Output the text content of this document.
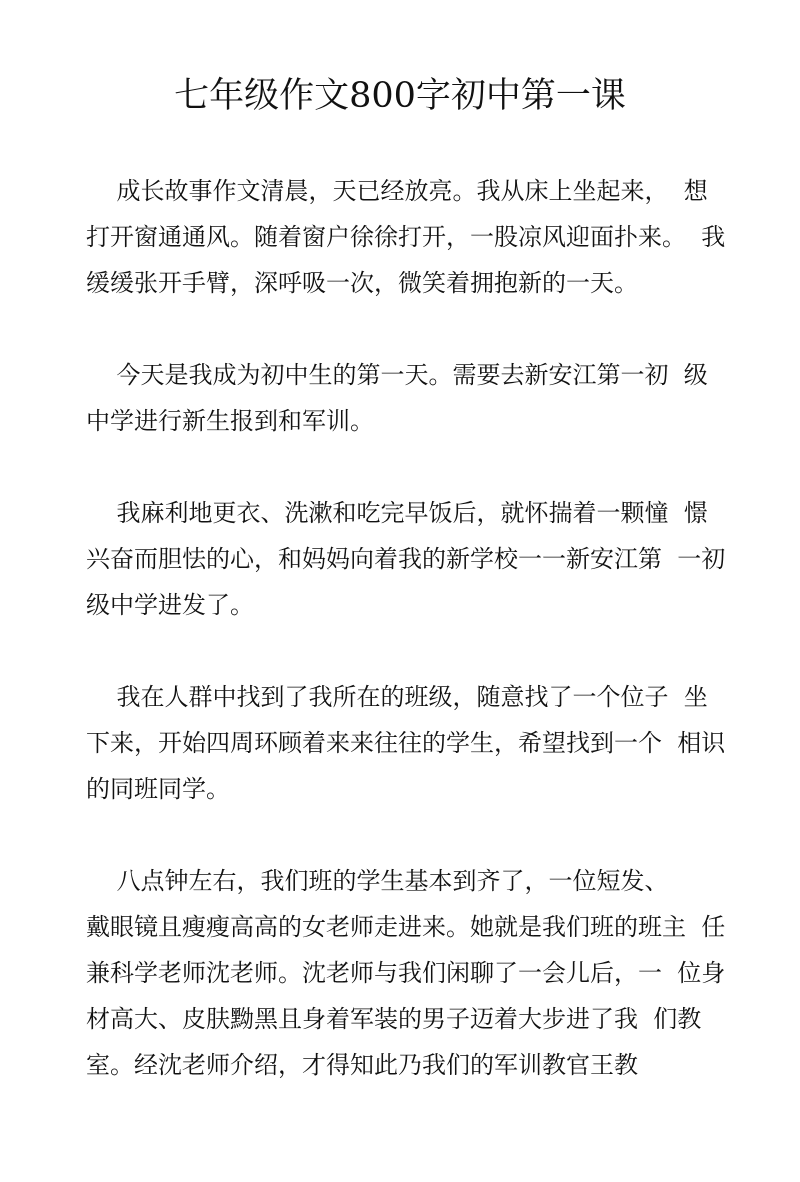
七年级作文800字初中第一课
成长故事作文清晨，天已经放亮。我从床上坐起来，  想
打开窗通通风。随着窗户徐徐打开，一股凉风迎面扑来。  我
缓缓张开手臂，深呼吸一次，微笑着拥抱新的一天。
今天是我成为初中生的第一天。需要去新安江第一初  级
中学进行新生报到和军训。
我麻利地更衣、洗漱和吃完早饭后，就怀揣着一颗憧  憬
兴奋而胆怯的心，和妈妈向着我的新学校一一新安江第  一初
级中学进发了。
我在人群中找到了我所在的班级，随意找了一个位子  坐
下来，开始四周环顾着来来往往的学生，希望找到一个  相识
的同班同学。
八点钟左右，我们班的学生基本到齐了，一位短发、
戴眼镜且瘦瘦高高的女老师走进来。她就是我们班的班主  任
兼科学老师沈老师。沈老师与我们闲聊了一会儿后，一  位身
材高大、皮肤黝黑且身着军装的男子迈着大步进了我  们教
室。经沈老师介绍，才得知此乃我们的军训教官王教
